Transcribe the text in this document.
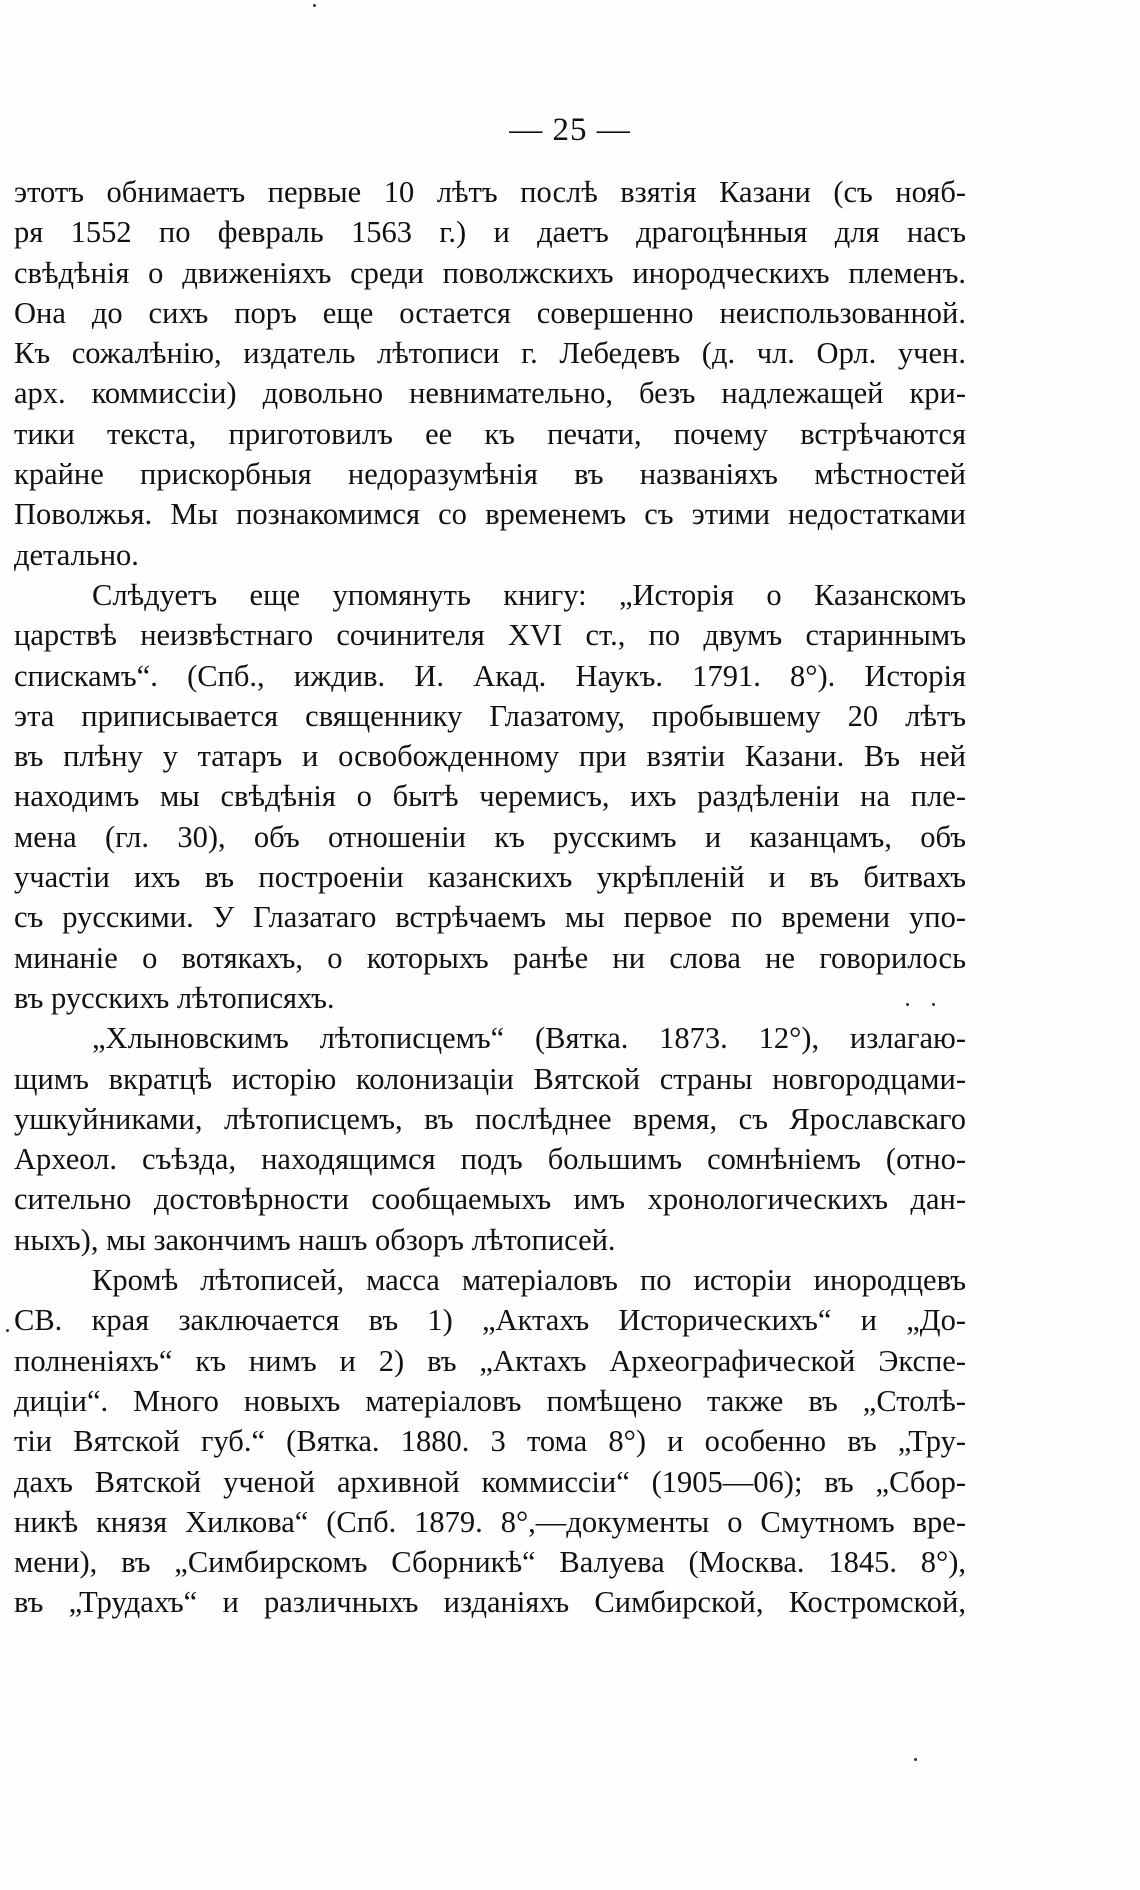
— 25 —
этотъ обнимаетъ первые 10 лѣтъ послѣ взятія Казани (съ нояб-
ря 1552 по февраль 1563 г.) и даетъ драгоцѣнныя для насъ
свѣдѣнія о движеніяхъ среди поволжскихъ инородческихъ племенъ.
Она до сихъ поръ еще остается совершенно неиспользованной.
Къ сожалѣнію, издатель лѣтописи г. Лебедевъ (д. чл. Орл. учен.
арх. коммиссіи) довольно невнимательно, безъ надлежащей кри-
тики текста, приготовилъ ее къ печати, почему встрѣчаются
крайне прискорбныя недоразумѣнія въ названіяхъ мѣстностей
Поволжья. Мы познакомимся со временемъ съ этими недостатками
детально.
Слѣдуетъ еще упомянуть книгу: „Исторія о Казанскомъ
царствѣ неизвѣстнаго сочинителя XVI ст., по двумъ стариннымъ
спискамъ“. (Спб., иждив. И. Акад. Наукъ. 1791. 8°). Исторія
эта приписывается священнику Глазатому, пробывшему 20 лѣтъ
въ плѣну у татаръ и освобожденному при взятіи Казани. Въ ней
находимъ мы свѣдѣнія о бытѣ черемисъ, ихъ раздѣленіи на пле-
мена (гл. 30), объ отношеніи къ русскимъ и казанцамъ, объ
участіи ихъ въ построеніи казанскихъ укрѣпленій и въ битвахъ
съ русскими. У Глазатаго встрѣчаемъ мы первое по времени упо-
минаніе о вотякахъ, о которыхъ ранѣе ни слова не говорилось
въ русскихъ лѣтописяхъ.
„Хлыновскимъ лѣтописцемъ“ (Вятка. 1873. 12°), излагаю-
щимъ вкратцѣ исторію колонизаціи Вятской страны новгородцами-
ушкуйниками, лѣтописцемъ, въ послѣднее время, съ Ярославскаго
Археол. съѣзда, находящимся подъ большимъ сомнѣніемъ (отно-
сительно достовѣрности сообщаемыхъ имъ хронологическихъ дан-
ныхъ), мы закончимъ нашъ обзоръ лѣтописей.
Кромѣ лѣтописей, масса матеріаловъ по исторіи инородцевъ
СВ. края заключается въ 1) „Актахъ Историческихъ“ и „До-
полненіяхъ“ къ нимъ и 2) въ „Актахъ Археографической Экспе-
диціи“. Много новыхъ матеріаловъ помѣщено также въ „Столѣ-
тіи Вятской губ.“ (Вятка. 1880. 3 тома 8°) и особенно въ „Тру-
дахъ Вятской ученой архивной коммиссіи“ (1905—06); въ „Сбор-
никѣ князя Хилкова“ (Спб. 1879. 8°,—документы о Смутномъ вре-
мени), въ „Симбирскомъ Сборникѣ“ Валуева (Москва. 1845. 8°),
въ „Трудахъ“ и различныхъ изданіяхъ Симбирской, Костромской,
